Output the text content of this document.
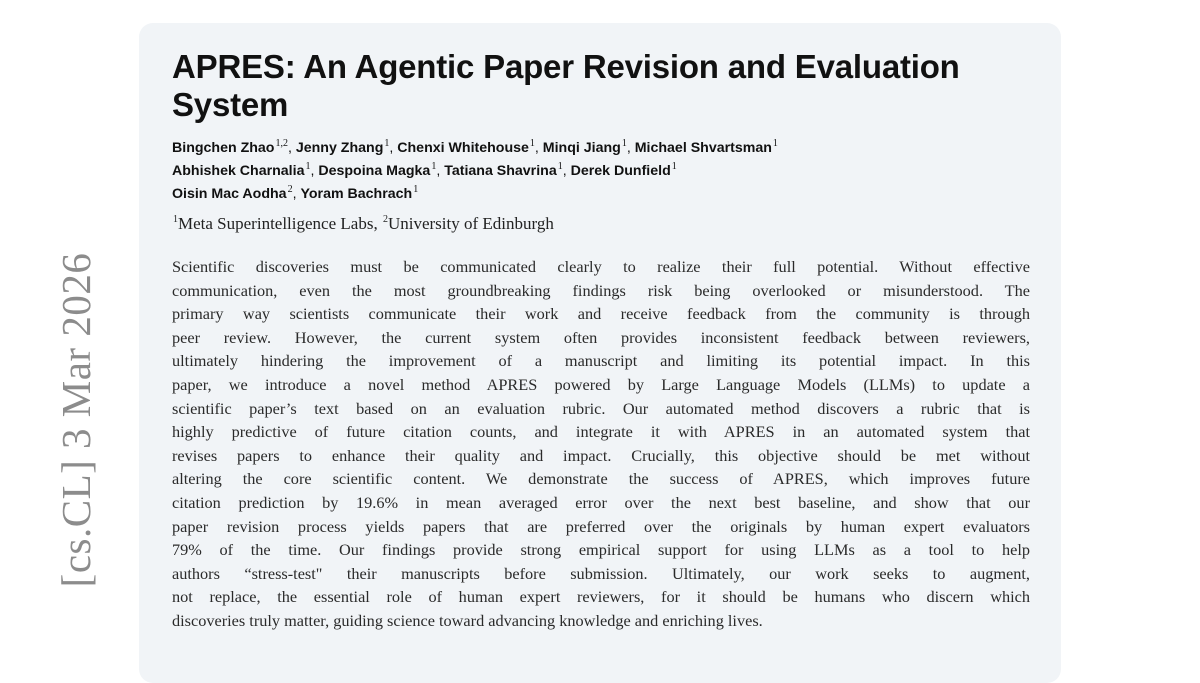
[cs.CL] 3 Mar 2026
APRES: An Agentic Paper Revision and Evaluation
System
Bingchen Zhao$^{1,2}$, Jenny Zhang$^1$, Chenxi Whitehouse$^1$, Minqi Jiang$^1$, Michael Shvartsman$^1$
Abhishek Charnalia$^1$, Despoina Magka$^1$, Tatiana Shavrina$^1$, Derek Dunfield$^1$
Oisin Mac Aodha$^2$, Yoram Bachrach$^1$
$^1$Meta Superintelligence Labs, $^2$University of Edinburgh
Scientific discoveries must be communicated clearly to realize their full potential. Without effective
communication, even the most groundbreaking findings risk being overlooked or misunderstood. The
primary way scientists communicate their work and receive feedback from the community is through
peer review. However, the current system often provides inconsistent feedback between reviewers,
ultimately hindering the improvement of a manuscript and limiting its potential impact. In this
paper, we introduce a novel method APRES powered by Large Language Models (LLMs) to update a
scientific paper’s text based on an evaluation rubric. Our automated method discovers a rubric that is
highly predictive of future citation counts, and integrate it with APRES in an automated system that
revises papers to enhance their quality and impact. Crucially, this objective should be met without
altering the core scientific content. We demonstrate the success of APRES, which improves future
citation prediction by 19.6% in mean averaged error over the next best baseline, and show that our
paper revision process yields papers that are preferred over the originals by human expert evaluators
79% of the time. Our findings provide strong empirical support for using LLMs as a tool to help
authors “stress-test" their manuscripts before submission. Ultimately, our work seeks to augment,
not replace, the essential role of human expert reviewers, for it should be humans who discern which
discoveries truly matter, guiding science toward advancing knowledge and enriching lives.
